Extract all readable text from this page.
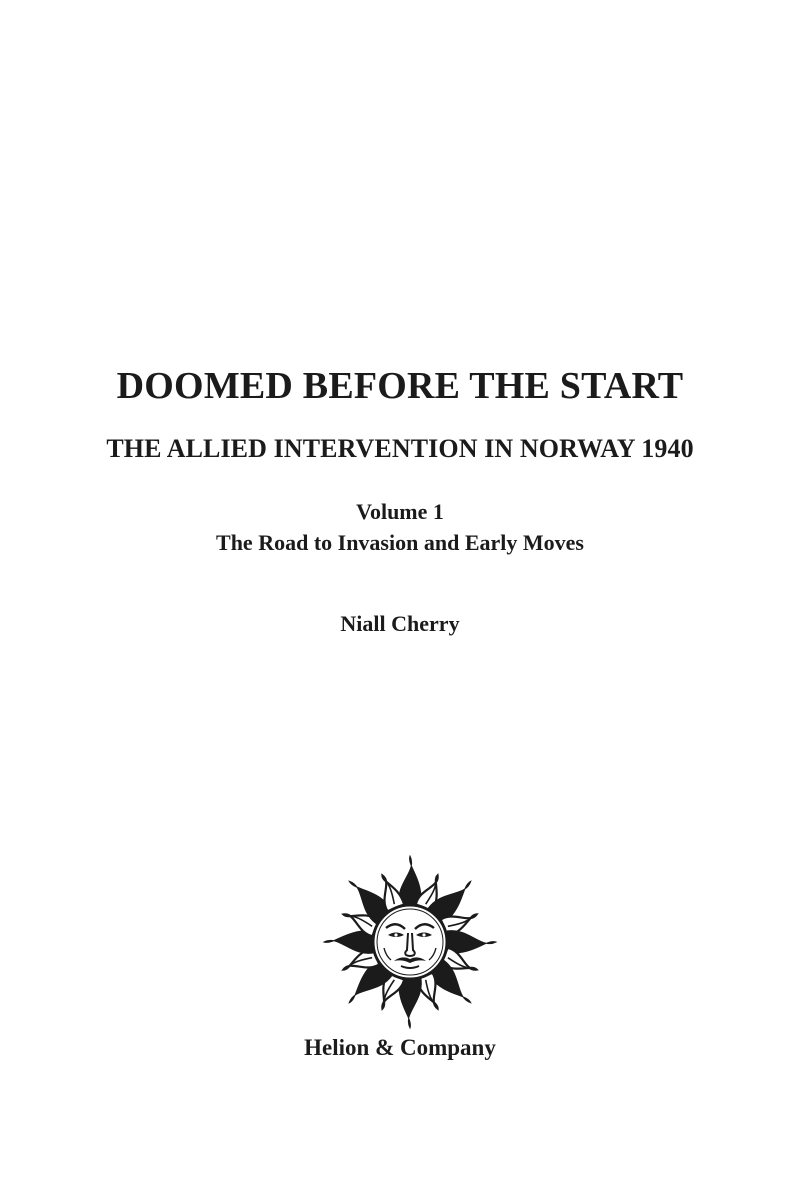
DOOMED BEFORE THE START
THE ALLIED INTERVENTION IN NORWAY 1940
Volume 1
The Road to Invasion and Early Moves
Niall Cherry
Helion & Company
